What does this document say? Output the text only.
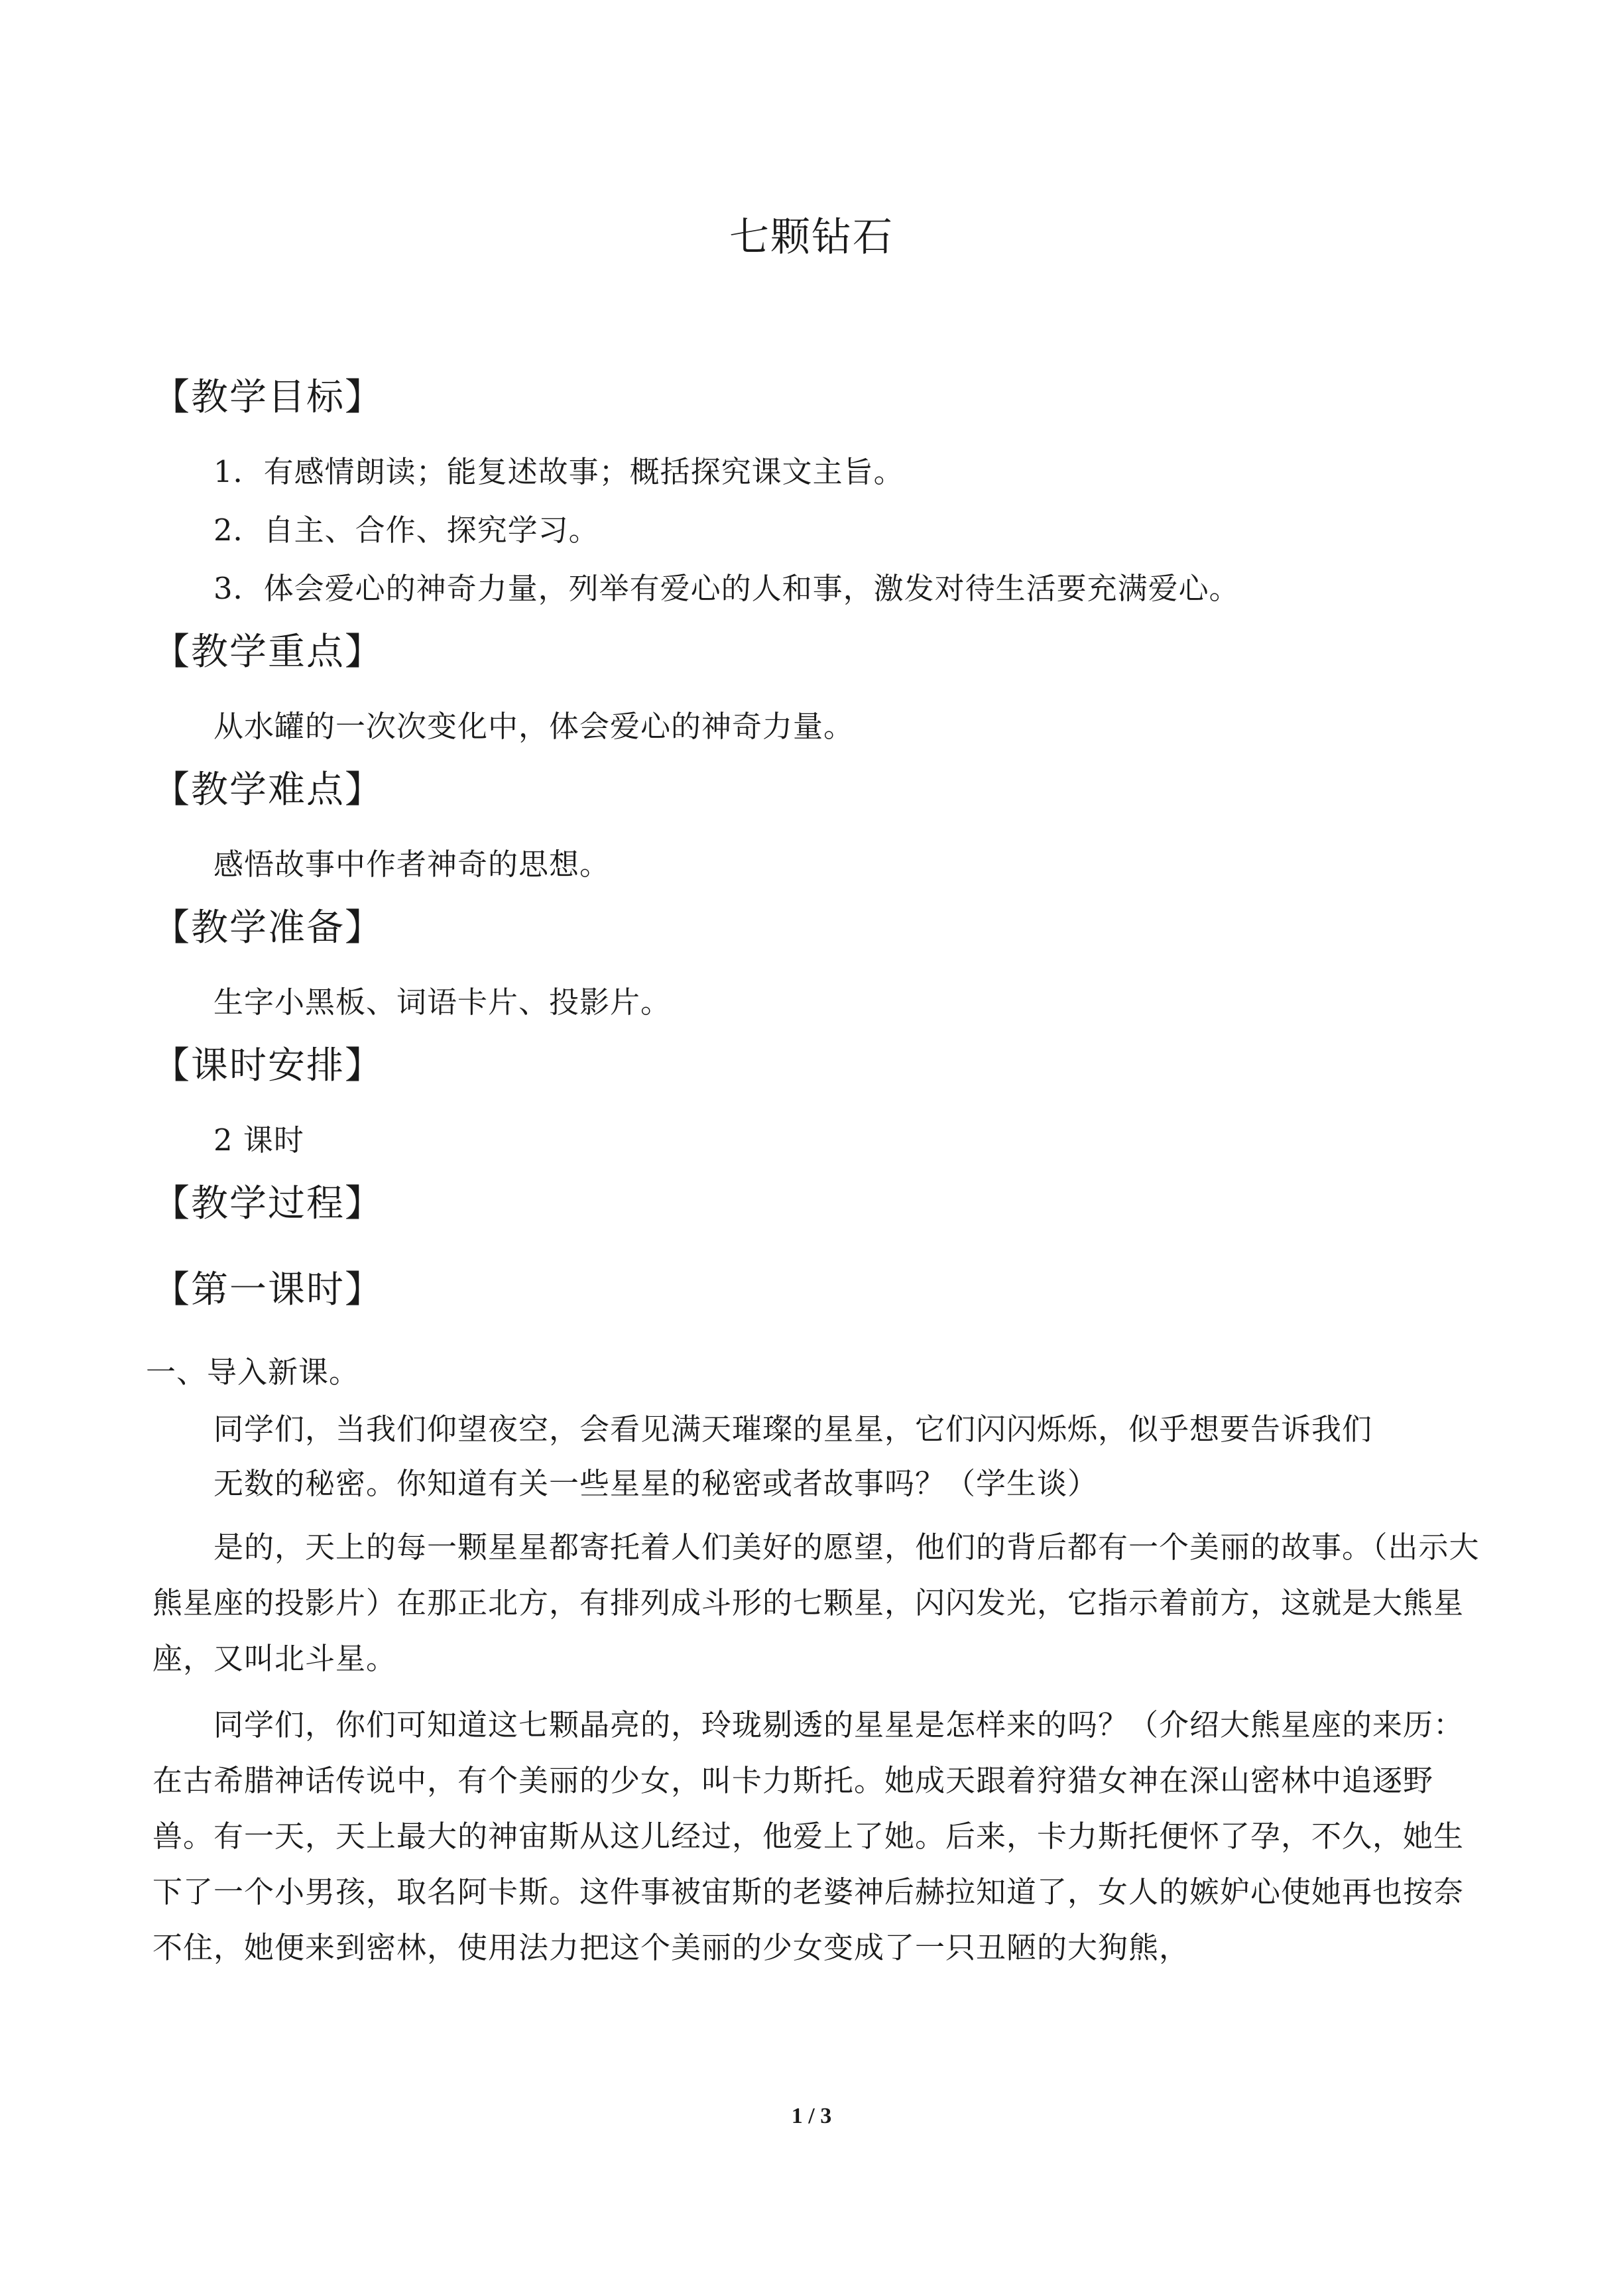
七颗钻石
【教学目标】

1．有感情朗读；能复述故事；概括探究课文主旨。

2．自主、合作、探究学习。

3．体会爱心的神奇力量，列举有爱心的人和事，激发对待生活要充满爱心。

【教学重点】

从水罐的一次次变化中，体会爱心的神奇力量。

【教学难点】

感悟故事中作者神奇的思想。

【教学准备】

生字小黑板、词语卡片、投影片。

【课时安排】

2 课时

【教学过程】
【第一课时】

一、导入新课。

同学们，当我们仰望夜空，会看见满天璀璨的星星，它们闪闪烁烁，似乎想要告诉我们

无数的秘密。你知道有关一些星星的秘密或者故事吗？（学生谈）

是的，天上的每一颗星星都寄托着人们美好的愿望，他们的背后都有一个美丽的故事。（出示大熊星座的投影片）在那正北方，有排列成斗形的七颗星，闪闪发光，它指示着前方，这就是大熊星座，又叫北斗星。

同学们，你们可知道这七颗晶亮的，玲珑剔透的星星是怎样来的吗？（介绍大熊星座的来历：在古希腊神话传说中，有个美丽的少女，叫卡力斯托。她成天跟着狩猎女神在深山密林中追逐野兽。有一天，天上最大的神宙斯从这儿经过，他爱上了她。后来，卡力斯托便怀了孕，不久，她生下了一个小男孩，取名阿卡斯。这件事被宙斯的老婆神后赫拉知道了，女人的嫉妒心使她再也按奈不住，她便来到密林，使用法力把这个美丽的少女变成了一只丑陋的大狗熊，

1 / 3
